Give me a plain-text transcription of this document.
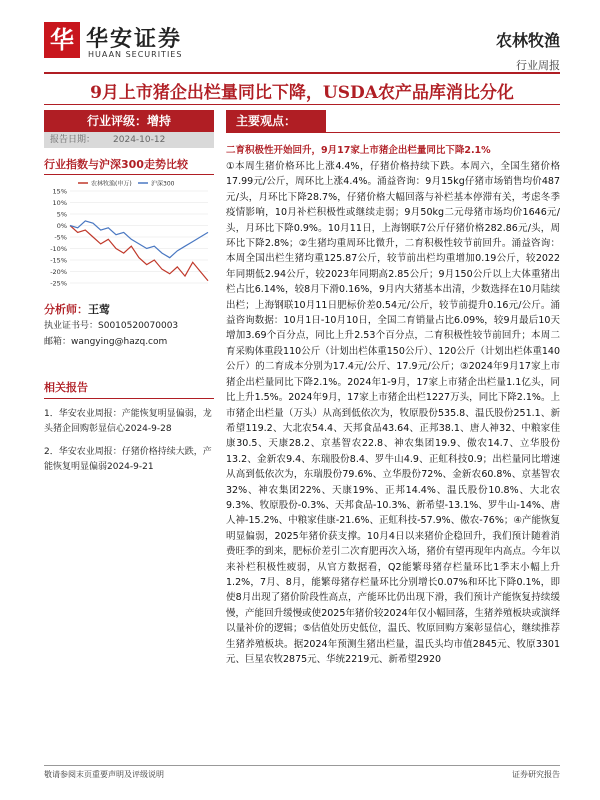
华 华安证券
HUAAN SECURITIES
农林牧渔
行业周报
9月上市猪企出栏量同比下降，USDA农产品库消比分化
行业评级：增持
报告日期： 2024-10-12
行业指数与沪深300走势比较
15%
10%
5%
0%
-5%
-10%
-15%
-20%
-25%
农林牧渔(申万)	沪深300
分析师：王莺
执业证书号：S0010520070003
邮箱：wangying@hazq.com
相关报告
1．华安农业周报：产能恢复明显偏弱，龙头猪企回购彰显信心2024-9-28
2．华安农业周报：仔猪价格持续大跌，产能恢复明显偏弱2024-9-21
主要观点：
二育积极性开始回升，9月17家上市猪企出栏量同比下降2.1%
①本周生猪价格环比上涨4.4%，仔猪价格持续下跌。本周六，全国生猪价格17.99元/公斤，周环比上涨4.4%。涌益咨询：9月15kg仔猪市场销售均价487元/头，月环比下降28.7%，仔猪价格大幅回落与补栏基本停滞有关，考虑冬季疫情影响，10月补栏积极性或继续走弱；9月50kg二元母猪市场均价1646元/头，月环比下降0.9%。10月11日，上海钢联7公斤仔猪价格282.86元/头，周环比下降2.8%；②生猪均重周环比微升，二育积极性较节前回升。涌益咨询：本周全国出栏生猪均重125.87公斤，较节前出栏均重增加0.19公斤，较2022年同期低2.94公斤，较2023年同期高2.85公斤；9月150公斤以上大体重猪出栏占比6.14%，较8月下滑0.16%，9月内大猪基本出清，少数选择在10月陆续出栏；上海钢联10月11日肥标价差0.54元/公斤，较节前提升0.16元/公斤。涌益咨询数据：10月1日-10月10日，全国二育销量占比6.09%，较9月最后10天增加3.69个百分点，同比上升2.53个百分点，二育积极性较节前回升；本周二育采购体重段110公斤（计划出栏体重150公斤）、120公斤（计划出栏体重140公斤）的二育成本分别为17.4元/公斤、17.9元/公斤；③2024年9月17家上市猪企出栏量同比下降2.1%。2024年1-9月，17家上市猪企出栏量1.1亿头，同比上升1.5%。2024年9月，17家上市猪企出栏1227万头，同比下降2.1%。上市猪企出栏量（万头）从高到低依次为，牧原股份535.8、温氏股份251.1、新希望119.2、大北农54.4、天邦食品43.64、正邦38.1、唐人神32、中粮家佳康30.5、天康28.2、京基智农22.8、神农集团19.9、傲农14.7、立华股份13.2、金新农9.4、东瑞股份8.4、罗牛山4.9、正虹科技0.9；出栏量同比增速从高到低依次为，东瑞股份79.6%、立华股份72%、金新农60.8%、京基智农32%、神农集团22%、天康19%、正邦14.4%、温氏股份10.8%、大北农9.3%、牧原股份-0.3%、天邦食品-10.3%、新希望-13.1%、罗牛山-14%、唐人神-15.2%、中粮家佳康-21.6%、正虹科技-57.9%、傲农-76%；④产能恢复明显偏弱，2025年猪价获支撑。10月4日以来猪价企稳回升，我们预计随着消费旺季的到来，肥标价差引二次育肥再次入场，猪价有望再现年内高点。今年以来补栏积极性疲弱，从官方数据看，Q2能繁母猪存栏量环比1季末小幅上升1.2%，7月、8月，能繁母猪存栏量环比分别增长0.07%和环比下降0.1%，即使8月出现了猪价阶段性高点，产能环比仍出现下滑，我们预计产能恢复持续缓慢，产能回升缓慢或使2025年猪价较2024年仅小幅回落，生猪养殖板块或演绎以量补价的逻辑；⑤估值处历史低位，温氏、牧原回购方案彰显信心，继续推荐生猪养殖板块。据2024年预测生猪出栏量，温氏头均市值2845元、牧原3301元、巨星农牧2875元、华统2219元、新希望2920
敬请参阅末页重要声明及评级说明	证券研究报告
